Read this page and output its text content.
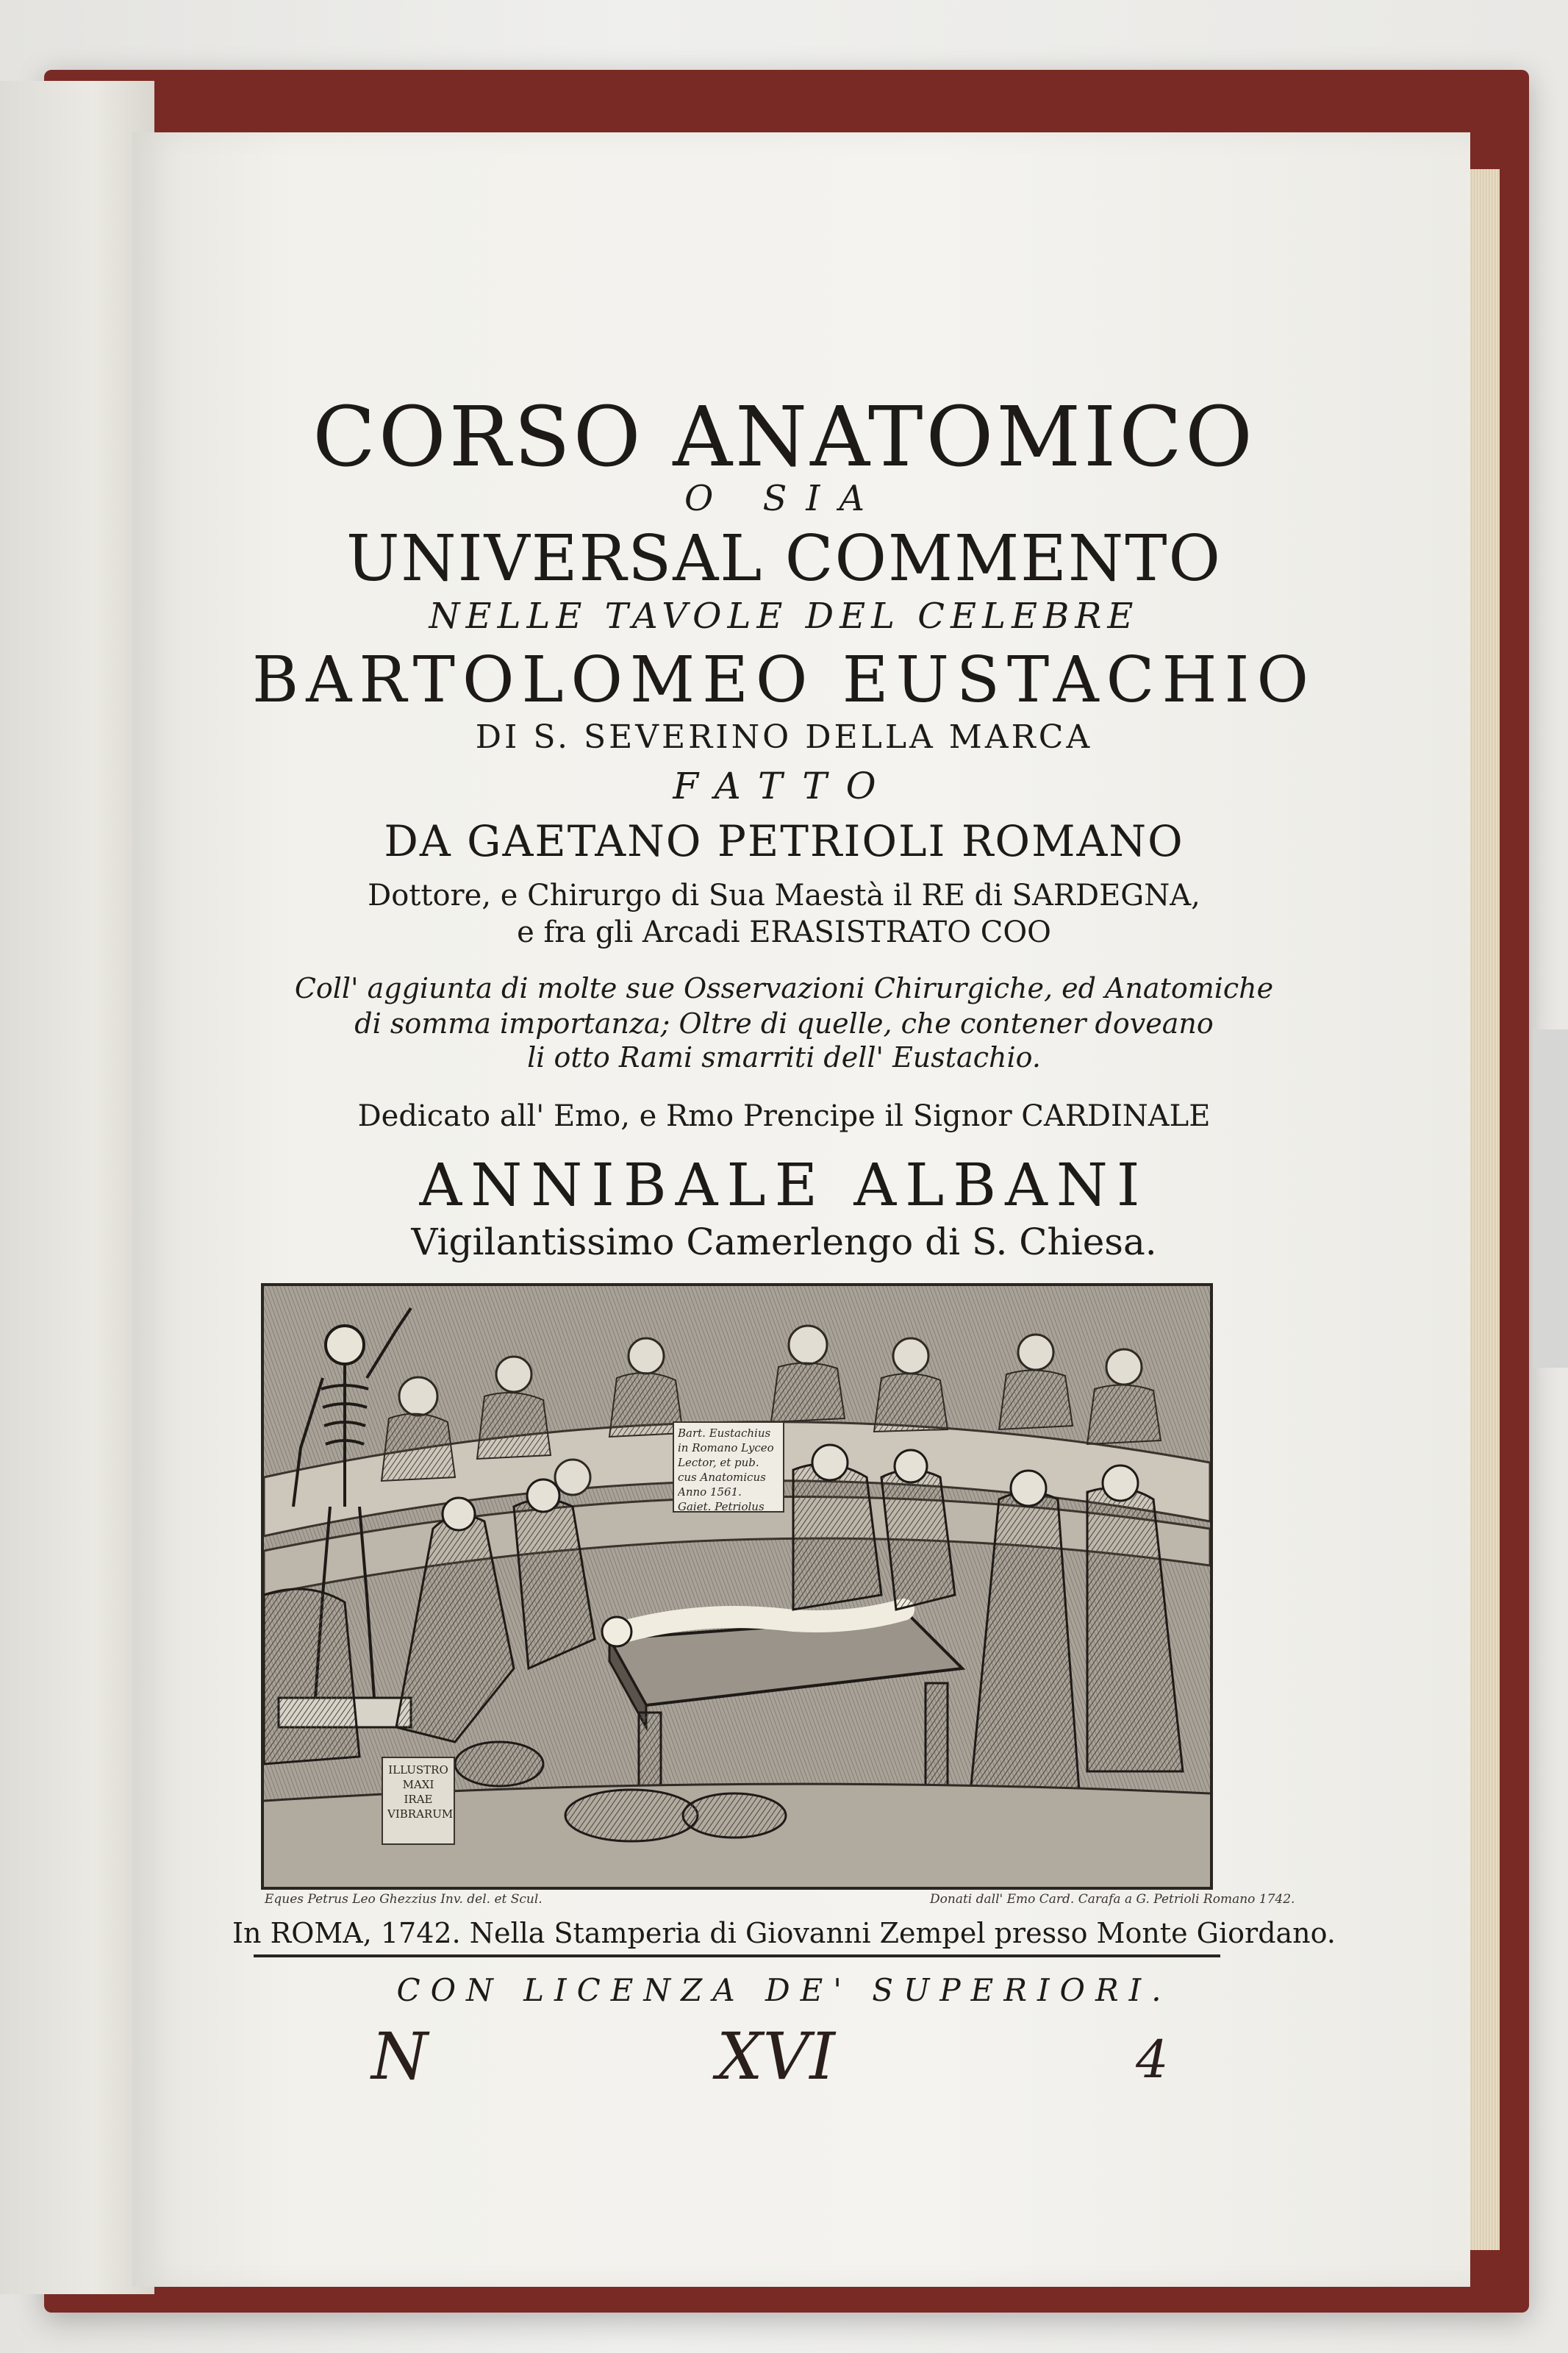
CORSO ANATOMICO
O SIA
UNIVERSAL COMMENTO
NELLE TAVOLE DEL CELEBRE
BARTOLOMEO EUSTACHIO
DI S. SEVERINO DELLA MARCA
FATTO
DA GAETANO PETRIOLI ROMANO
Dottore, e Chirurgo di Sua Maestà il RE di SARDEGNA,
e fra gli Arcadi ERASISTRATO COO
Coll' aggiunta di molte sue Osservazioni Chirurgiche, ed Anatomiche
di somma importanza; Oltre di quelle, che contener doveano
li otto Rami smarriti dell' Eustachio.
Dedicato all' Emo, e Rmo Prencipe il Signor CARDINALE
ANNIBALE ALBANI
Vigilantissimo Camerlengo di S. Chiesa.
Bart. Eustachius
in Romano Lyceo
Lector, et pub.
cus Anatomicus
Anno 1561.
Gaiet. Petriolus
ILLUSTRO
MAXI
IRAE
VIBRARUM
Eques Petrus Leo Ghezzius Inv. del. et Scul.	Donati dall' Emo Card. Carafa a G. Petrioli Romano 1742.
In ROMA, 1742. Nella Stamperia di Giovanni Zempel presso Monte Giordano.
CON LICENZA DE' SUPERIORI.
N	XVI	4
